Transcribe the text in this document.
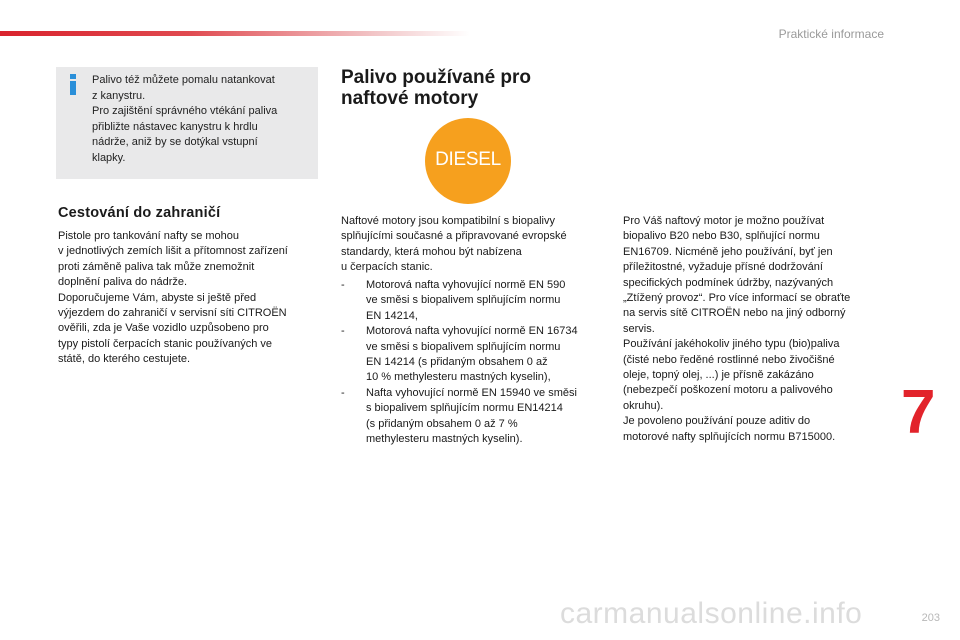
Praktické informace
Palivo též můžete pomalu natankovat
z kanystru.
Pro zajištění správného vtékání paliva
přibližte nástavec kanystru k hrdlu
nádrže, aniž by se dotýkal vstupní
klapky.
Cestování do zahraničí
Pistole pro tankování nafty se mohou
v jednotlivých zemích lišit a přítomnost zařízení
proti záměně paliva tak může znemožnit
doplnění paliva do nádrže.
Doporučujeme Vám, abyste si ještě před
výjezdem do zahraničí v servisní síti CITROËN
ověřili, zda je Vaše vozidlo uzpůsobeno pro
typy pistolí čerpacích stanic používaných ve
státě, do kterého cestujete.
Palivo používané pro
naftové motory
DIESEL
Naftové motory jsou kompatibilní s biopalivy
splňujícími současné a připravované evropské
standardy, která mohou být nabízena
u čerpacích stanic.
- Motorová nafta vyhovující normě EN 590
ve směsi s biopalivem splňujícím normu
EN 14214,
- Motorová nafta vyhovující normě EN 16734
ve směsi s biopalivem splňujícím normu
EN 14214 (s přidaným obsahem 0 až
10 % methylesteru mastných kyselin),
- Nafta vyhovující normě EN 15940 ve směsi
s biopalivem splňujícím normu EN14214
(s přidaným obsahem 0 až 7 %
methylesteru mastných kyselin).
Pro Váš naftový motor je možno používat
biopalivo B20 nebo B30, splňující normu
EN16709. Nicméně jeho používání, byť jen
příležitostné, vyžaduje přísné dodržování
specifických podmínek údržby, nazývaných
„Ztížený provoz“. Pro více informací se obraťte
na servis sítě CITROËN nebo na jiný odborný
servis.
Používání jakéhokoliv jiného typu (bio)paliva
(čisté nebo ředěné rostlinné nebo živočišné
oleje, topný olej, ...) je přísně zakázáno
(nebezpečí poškození motoru a palivového
okruhu).
Je povoleno používání pouze aditiv do
motorové nafty splňujících normu B715000.	7
carmanualsonline.info	203
